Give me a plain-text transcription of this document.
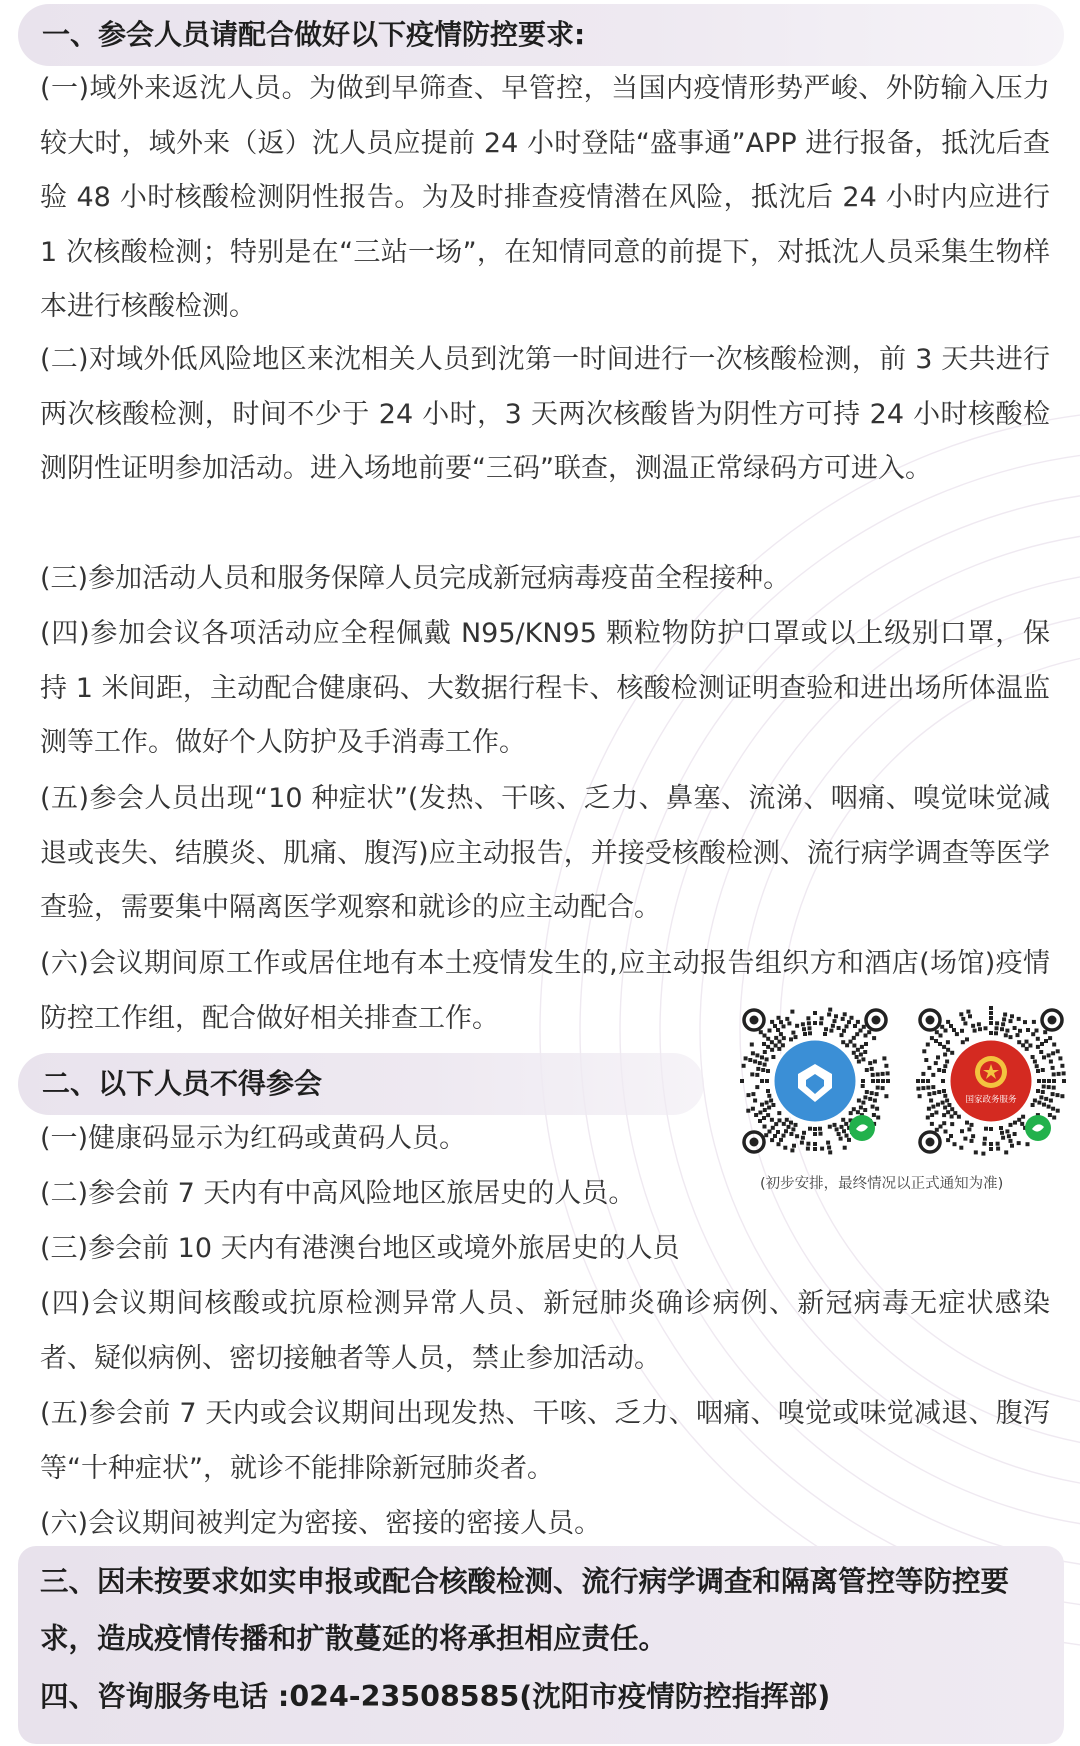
一、参会人员请配合做好以下疫情防控要求:
(一)域外来返沈人员。为做到早筛查、早管控，当国内疫情形势严峻、外防输入压力较大时，域外来（返）沈人员应提前 24 小时登陆“盛事通”APP 进行报备，抵沈后查验 48 小时核酸检测阴性报告。为及时排查疫情潜在风险，抵沈后 24 小时内应进行 1 次核酸检测；特别是在“三站一场”，在知情同意的前提下，对抵沈人员采集生物样本进行核酸检测。
(二)对域外低风险地区来沈相关人员到沈第一时间进行一次核酸检测，前 3 天共进行两次核酸检测，时间不少于 24 小时，3 天两次核酸皆为阴性方可持 24 小时核酸检测阴性证明参加活动。进入场地前要“三码”联查，测温正常绿码方可进入。
(三)参加活动人员和服务保障人员完成新冠病毒疫苗全程接种。
(四)参加会议各项活动应全程佩戴 N95/KN95 颗粒物防护口罩或以上级别口罩，保持 1 米间距，主动配合健康码、大数据行程卡、核酸检测证明查验和进出场所体温监测等工作。做好个人防护及手消毒工作。
(五)参会人员出现“10 种症状”(发热、干咳、乏力、鼻塞、流涕、咽痛、嗅觉味觉减退或丧失、结膜炎、肌痛、腹泻)应主动报告，并接受核酸检测、流行病学调查等医学查验，需要集中隔离医学观察和就诊的应主动配合。
(六)会议期间原工作或居住地有本土疫情发生的,应主动报告组织方和酒店(场馆)疫情防控工作组，配合做好相关排查工作。
二、以下人员不得参会
(一)健康码显示为红码或黄码人员。
(二)参会前 7 天内有中高风险地区旅居史的人员。
(三)参会前 10 天内有港澳台地区或境外旅居史的人员
(四)会议期间核酸或抗原检测异常人员、新冠肺炎确诊病例、新冠病毒无症状感染者、疑似病例、密切接触者等人员，禁止参加活动。
(五)参会前 7 天内或会议期间出现发热、干咳、乏力、咽痛、嗅觉或味觉减退、腹泻等“十种症状”，就诊不能排除新冠肺炎者。
(六)会议期间被判定为密接、密接的密接人员。
三、因未按要求如实申报或配合核酸检测、流行病学调查和隔离管控等防控要求，造成疫情传播和扩散蔓延的将承担相应责任。
四、咨询服务电话 :024-23508585(沈阳市疫情防控指挥部)
国家政务服务
(初步安排，最终情况以正式通知为准)
